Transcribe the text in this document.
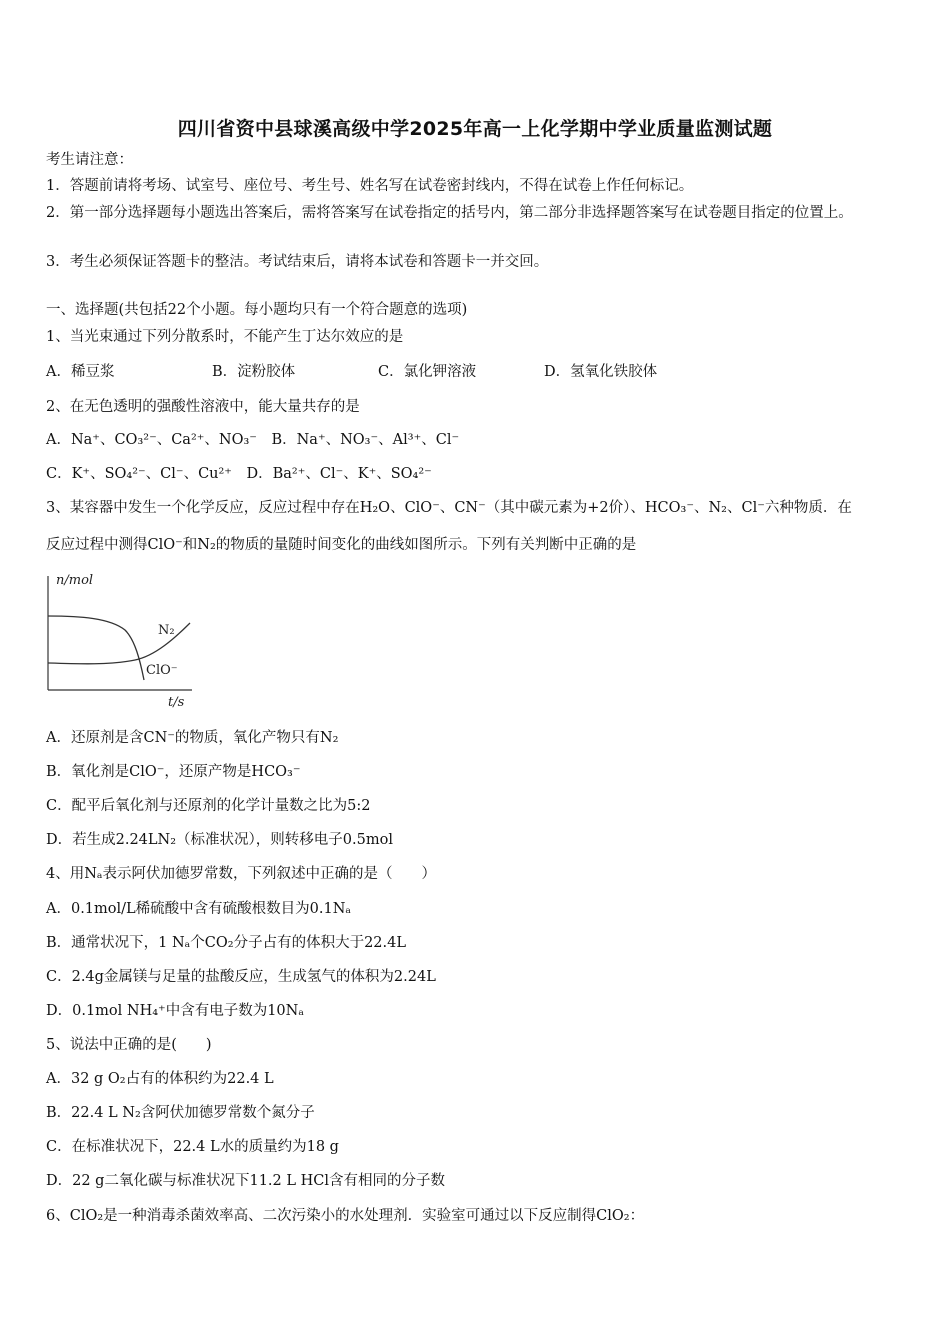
四川省资中县球溪高级中学2025年高一上化学期中学业质量监测试题
考生请注意：
1．答题前请将考场、试室号、座位号、考生号、姓名写在试卷密封线内，不得在试卷上作任何标记。
2．第一部分选择题每小题选出答案后，需将答案写在试卷指定的括号内，第二部分非选择题答案写在试卷题目指定的位置上。
3．考生必须保证答题卡的整洁。考试结束后，请将本试卷和答题卡一并交回。
一、选择题(共包括22个小题。每小题均只有一个符合题意的选项)
1、当光束通过下列分散系时，不能产生丁达尔效应的是
A．稀豆浆	B．淀粉胶体	C．氯化钾溶液	D．氢氧化铁胶体
2、在无色透明的强酸性溶液中，能大量共存的是
A．Na⁺、CO₃²⁻、Ca²⁺、NO₃⁻　B．Na⁺、NO₃⁻、Al³⁺、Cl⁻
C．K⁺、SO₄²⁻、Cl⁻、Cu²⁺　D．Ba²⁺、Cl⁻、K⁺、SO₄²⁻
3、某容器中发生一个化学反应，反应过程中存在H₂O、ClO⁻、CN⁻（其中碳元素为+2价）、HCO₃⁻、N₂、Cl⁻六种物质．在
反应过程中测得ClO⁻和N₂的物质的量随时间变化的曲线如图所示。下列有关判断中正确的是
n/mol
t/s
N₂
ClO⁻
A．还原剂是含CN⁻的物质，氧化产物只有N₂
B．氧化剂是ClO⁻，还原产物是HCO₃⁻
C．配平后氧化剂与还原剂的化学计量数之比为5:2
D．若生成2.24LN₂（标准状况），则转移电子0.5mol
4、用Nₐ表示阿伏加德罗常数，下列叙述中正确的是（　　）
A．0.1mol/L稀硫酸中含有硫酸根数目为0.1Nₐ
B．通常状况下，1 Nₐ个CO₂分子占有的体积大于22.4L
C．2.4g金属镁与足量的盐酸反应，生成氢气的体积为2.24L
D．0.1mol NH₄⁺中含有电子数为10Nₐ
5、说法中正确的是(　　)
A．32 g O₂占有的体积约为22.4 L
B．22.4 L N₂含阿伏加德罗常数个氮分子
C．在标准状况下，22.4 L水的质量约为18 g
D．22 g二氧化碳与标准状况下11.2 L HCl含有相同的分子数
6、ClO₂是一种消毒杀菌效率高、二次污染小的水处理剂．实验室可通过以下反应制得ClO₂：
